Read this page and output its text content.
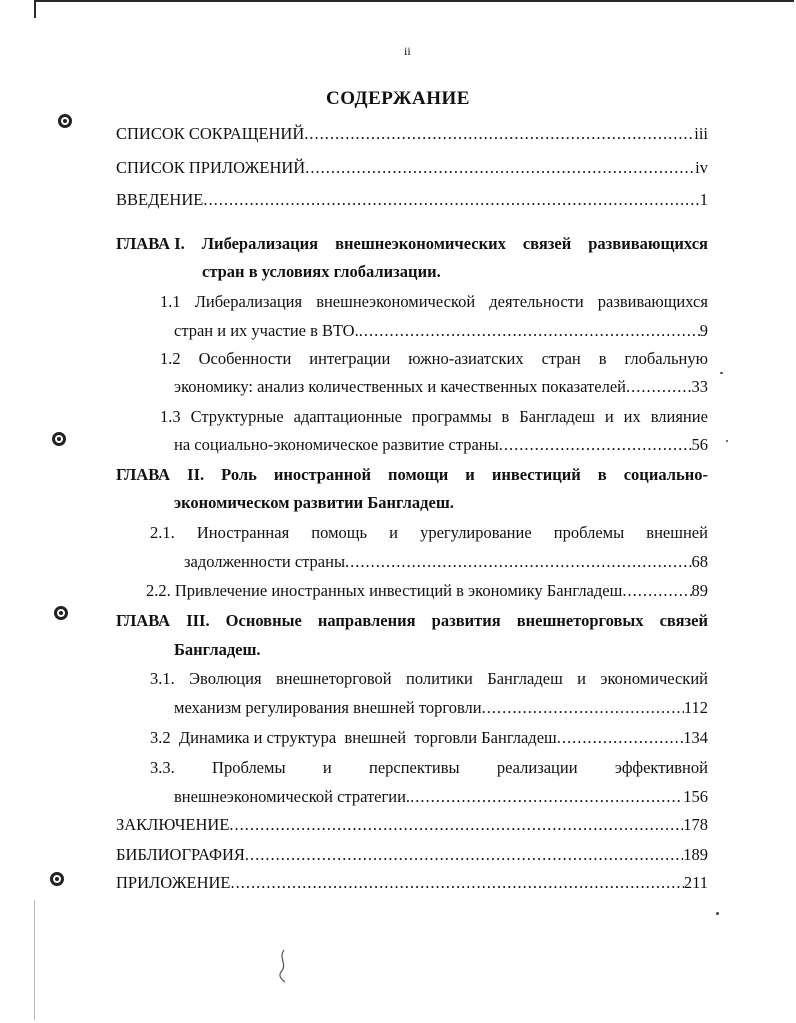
ii
СОДЕРЖАНИЕ
СПИСОК СОКРАЩЕНИЙ .....	iii
СПИСОК ПРИЛОЖЕНИЙ .....	iv
ВВЕДЕНИЕ .....	1
ГЛАВА I. Либерализация внешнеэкономических связей развивающихся
стран в условиях глобализации.
1.1 Либерализация внешнеэкономической деятельности развивающихся
стран и их участие в ВТО. .....	9
1.2 Особенности интеграции южно-азиатских стран в глобальную
экономику: анализ количественных и качественных показателей .....	33
1.3 Структурные адаптационные программы в Бангладеш и их влияние
на социально-экономическое развитие страны .....	56
ГЛАВА II. Роль иностранной помощи и инвестиций в социально-
экономическом развитии Бангладеш.
2.1. Иностранная помощь и урегулирование проблемы внешней
задолженности страны .....	68
2.2. Привлечение иностранных инвестиций в экономику Бангладеш .....	89
ГЛАВА III. Основные направления развития внешнеторговых связей
Бангладеш.
3.1. Эволюция внешнеторговой политики Бангладеш и экономический
механизм регулирования внешней торговли .....	112
3.2  Динамика и структура  внешней  торговли Бангладеш .....	134
3.3. Проблемы и перспективы реализации эффективной
внешнеэкономической стратегии. .....	156
ЗАКЛЮЧЕНИЕ .....	178
БИБЛИОГРАФИЯ .....	189
ПРИЛОЖЕНИЕ .....	211
